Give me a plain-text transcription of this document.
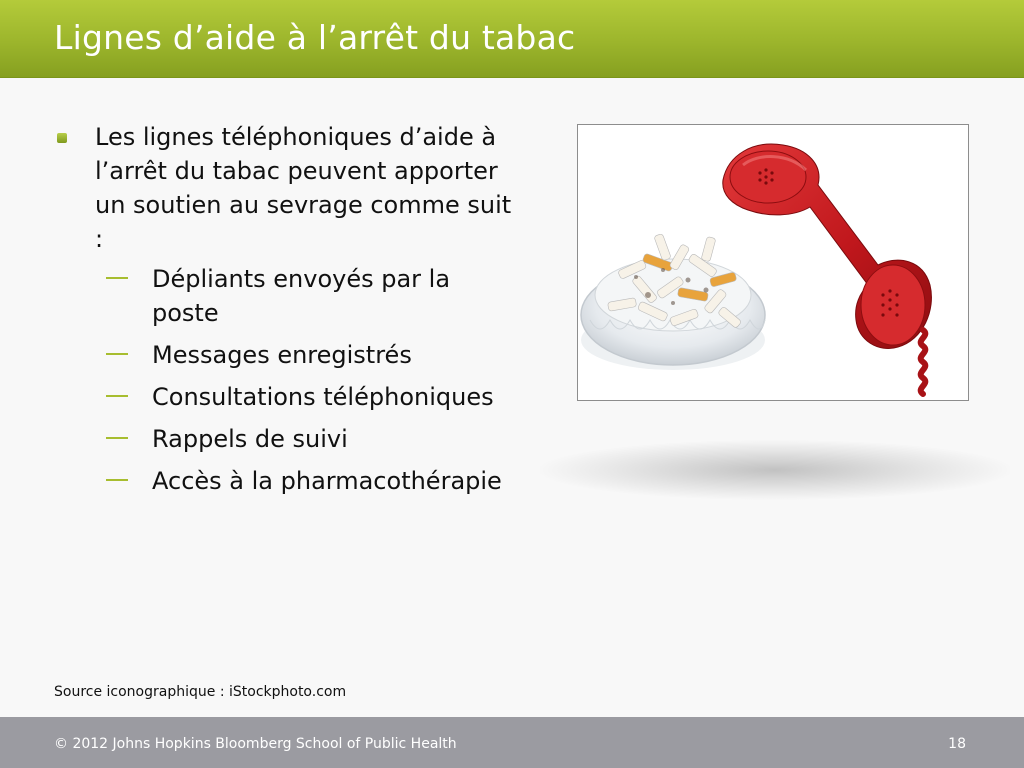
Lignes d’aide à l’arrêt du tabac
Les lignes téléphoniques d’aide à l’arrêt du tabac peuvent apporter un soutien au sevrage comme suit :
Dépliants envoyés par la poste
Messages enregistrés
Consultations téléphoniques
Rappels de suivi
Accès à la pharmacothérapie
Source iconographique : iStockphoto.com
© 2012 Johns Hopkins Bloomberg School of Public Health	18
